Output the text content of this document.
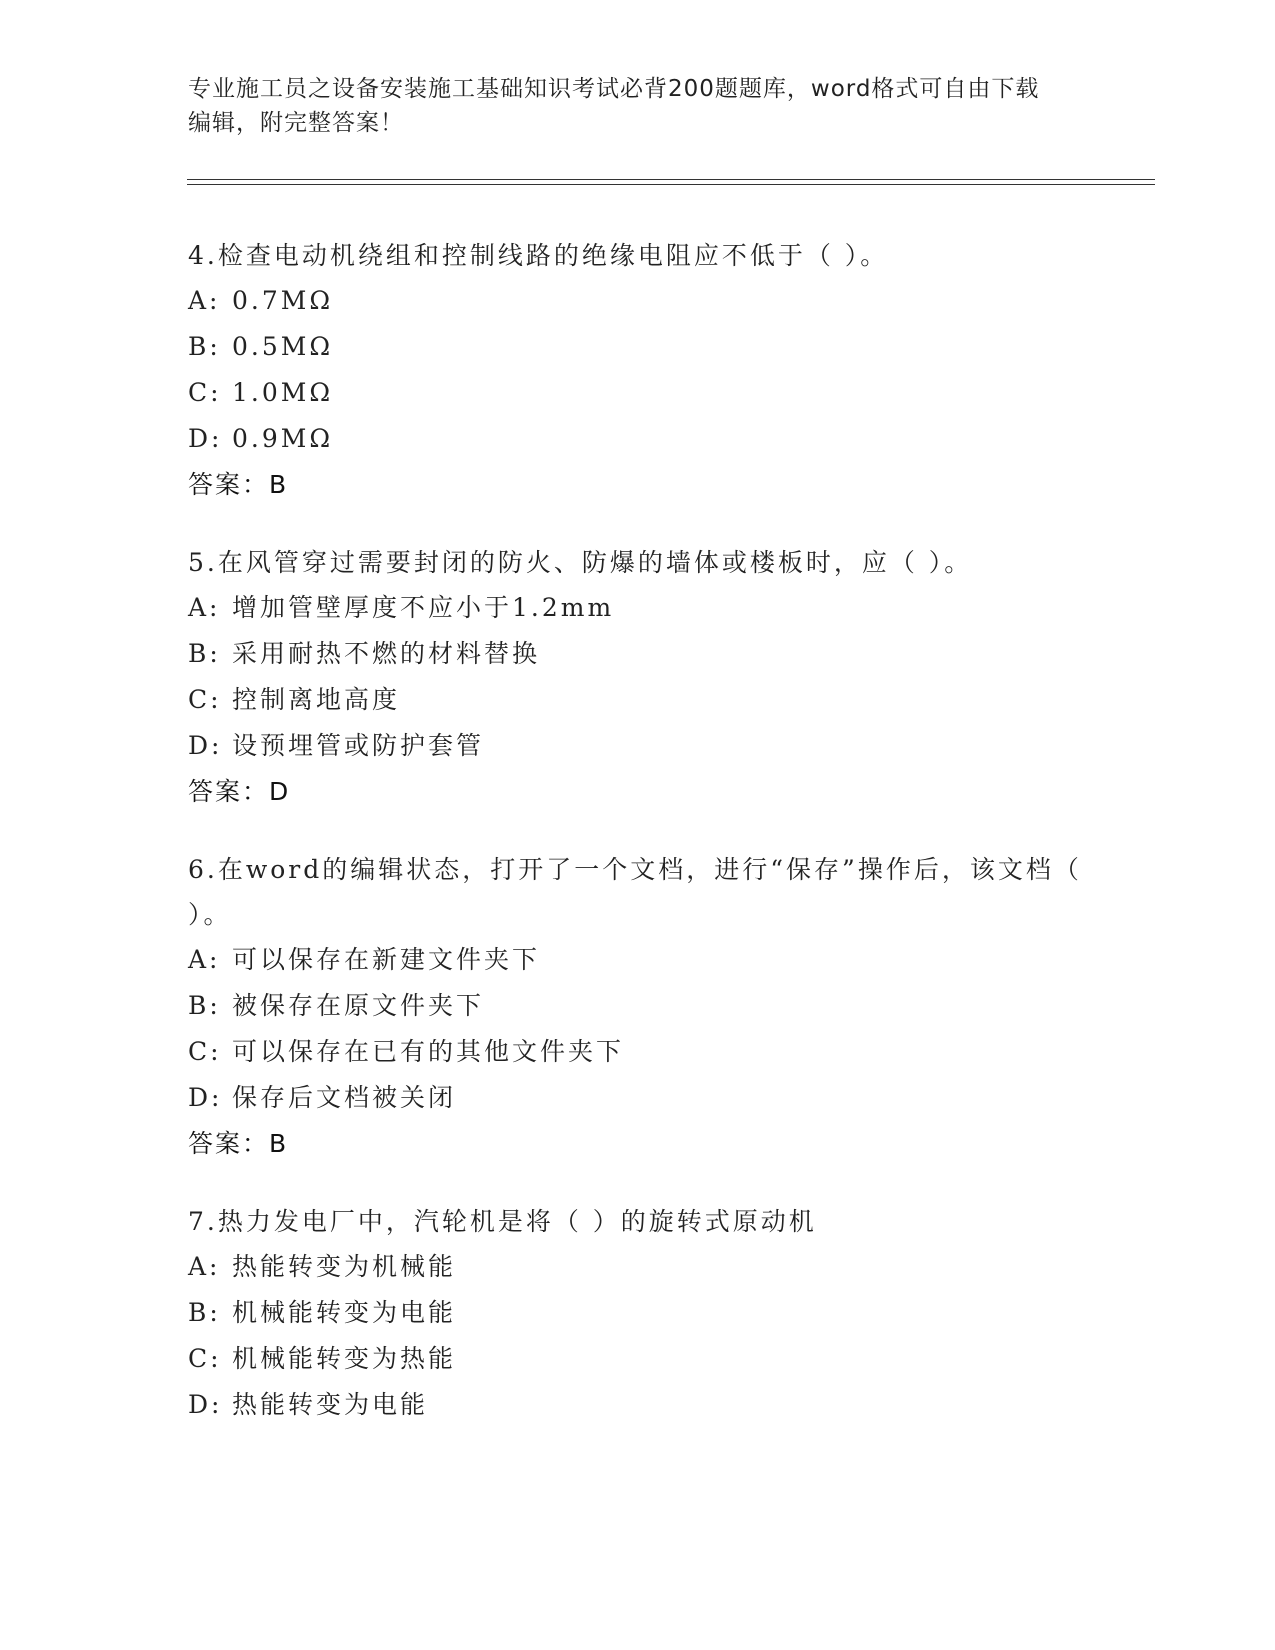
专业施工员之设备安装施工基础知识考试必背200题题库，word格式可自由下载
编辑，附完整答案！
4.检查电动机绕组和控制线路的绝缘电阻应不低于（ ）。
A: 0.7MΩ
B: 0.5MΩ
C: 1.0MΩ
D: 0.9MΩ
答案：B
5.在风管穿过需要封闭的防火、防爆的墙体或楼板时，应（ ）。
A: 增加管壁厚度不应小于1.2mm
B: 采用耐热不燃的材料替换
C: 控制离地高度
D: 设预埋管或防护套管
答案：D
6.在word的编辑状态，打开了一个文档，进行“保存”操作后，该文档（ ）。
A: 可以保存在新建文件夹下
B: 被保存在原文件夹下
C: 可以保存在已有的其他文件夹下
D: 保存后文档被关闭
答案：B
7.热力发电厂中，汽轮机是将（ ）的旋转式原动机
A: 热能转变为机械能
B: 机械能转变为电能
C: 机械能转变为热能
D: 热能转变为电能
